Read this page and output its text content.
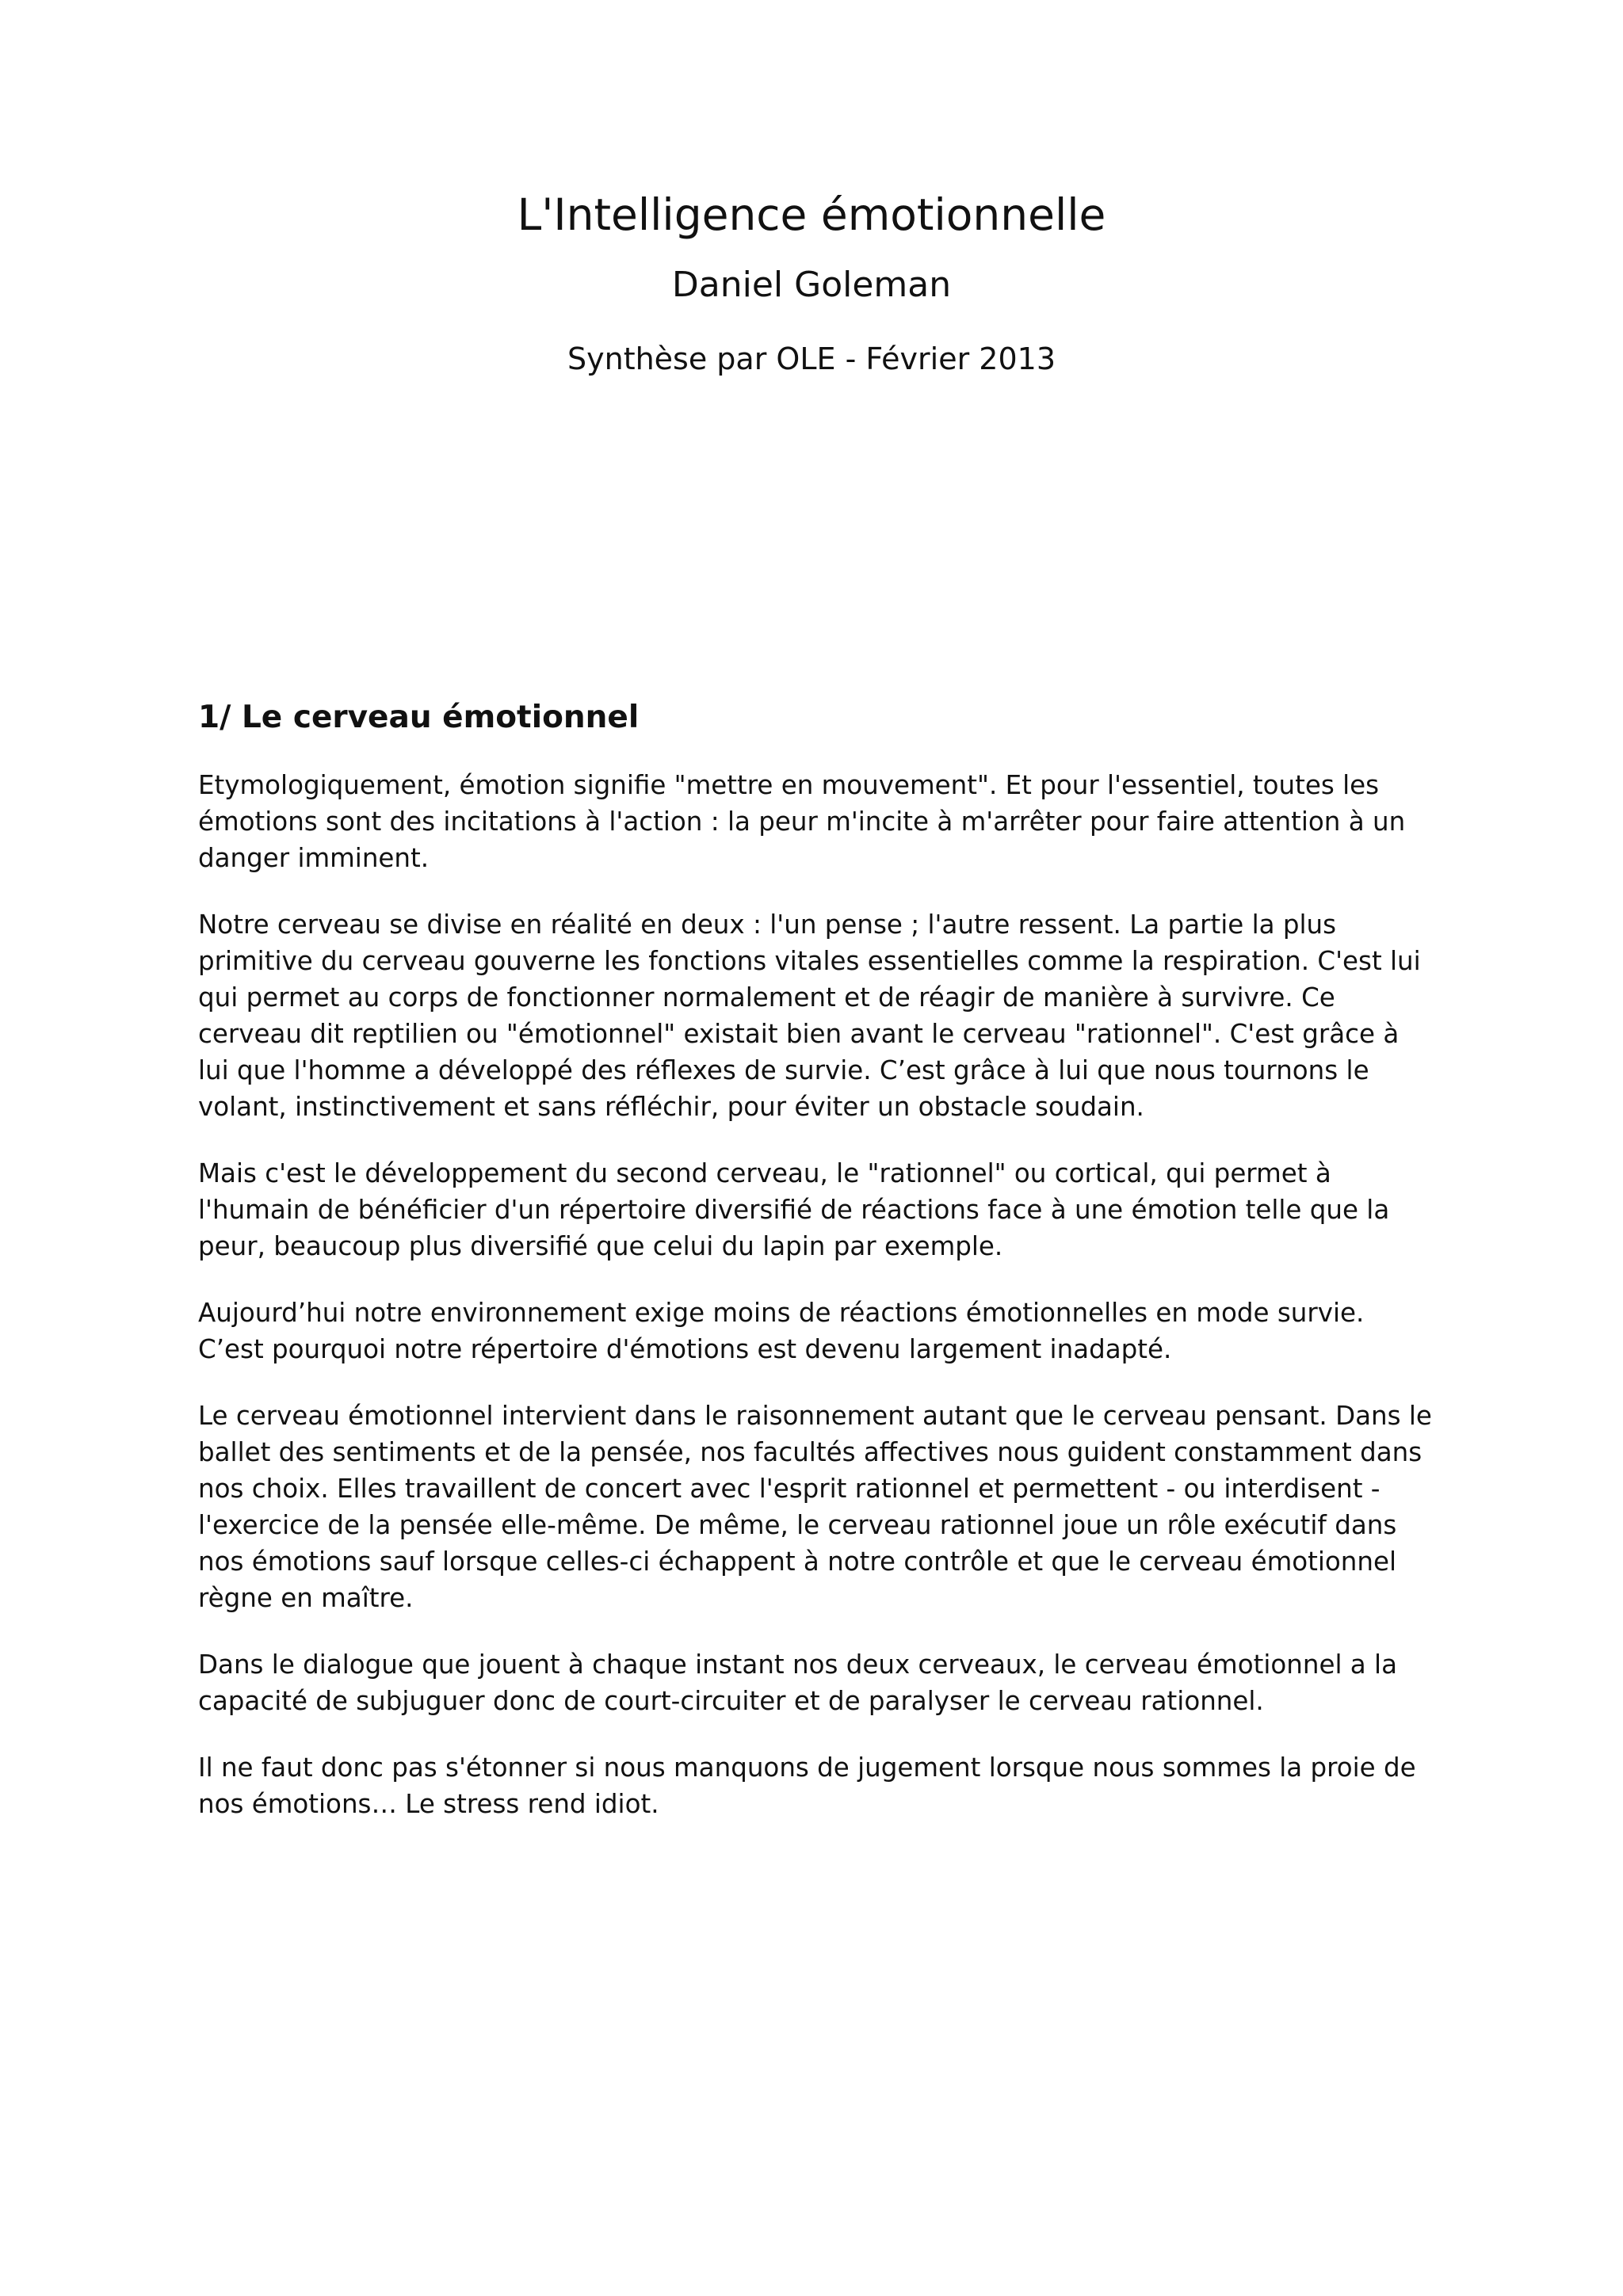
L'Intelligence émotionnelle
Daniel Goleman

Synthèse par OLE - Février 2013

1/ Le cerveau émotionnel

Etymologiquement, émotion signifie "mettre en mouvement". Et pour l'essentiel, toutes les émotions sont des incitations à l'action : la peur m'incite à m'arrêter pour faire attention à un danger imminent.

Notre cerveau se divise en réalité en deux : l'un pense ; l'autre ressent. La partie la plus primitive du cerveau gouverne les fonctions vitales essentielles comme la respiration. C'est lui qui permet au corps de fonctionner normalement et de réagir de manière à survivre. Ce cerveau dit reptilien ou "émotionnel" existait bien avant le cerveau "rationnel". C'est grâce à lui que l'homme a développé des réflexes de survie. C’est grâce à lui que nous tournons le volant, instinctivement et sans réfléchir, pour éviter un obstacle soudain.

Mais c'est le développement du second cerveau, le "rationnel" ou cortical, qui permet à l'humain de bénéficier d'un répertoire diversifié de réactions face à une émotion telle que la peur, beaucoup plus diversifié que celui du lapin par exemple.

Aujourd’hui notre environnement exige moins de réactions émotionnelles en mode survie. C’est pourquoi notre répertoire d'émotions est devenu largement inadapté.

Le cerveau émotionnel intervient dans le raisonnement autant que le cerveau pensant. Dans le ballet des sentiments et de la pensée, nos facultés affectives nous guident constamment dans nos choix. Elles travaillent de concert avec l'esprit rationnel et permettent - ou interdisent - l'exercice de la pensée elle-même. De même, le cerveau rationnel joue un rôle exécutif dans nos émotions sauf lorsque celles-ci échappent à notre contrôle et que le cerveau émotionnel règne en maître.

Dans le dialogue que jouent à chaque instant nos deux cerveaux, le cerveau émotionnel a la capacité de subjuguer donc de court-circuiter et de paralyser le cerveau rationnel.

Il ne faut donc pas s'étonner si nous manquons de jugement lorsque nous sommes la proie de nos émotions… Le stress rend idiot.
